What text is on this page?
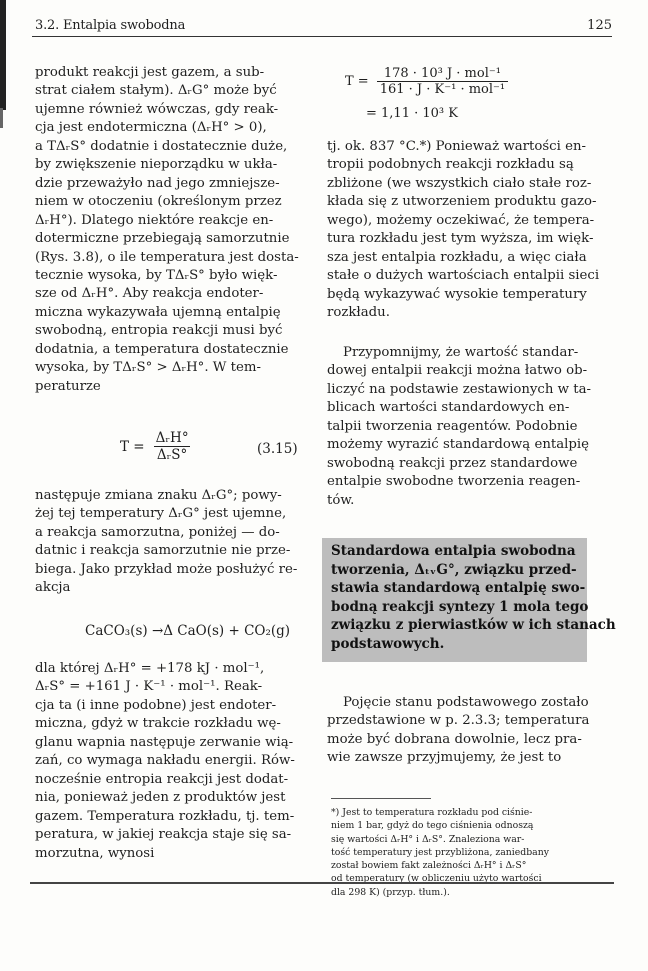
3.2. Entalpia swobodna	125

produkt reakcji jest gazem, a sub-
strat ciałem stałym). ΔᵣG° może być
ujemne również wówczas, gdy reak-
cja jest endotermiczna (ΔᵣH° > 0),
a TΔᵣS° dodatnie i dostatecznie duże,
by zwiększenie nieporządku w ukła-
dzie przeważyło nad jego zmniejsze-
niem w otoczeniu (określonym przez
ΔᵣH°). Dlatego niektóre reakcje en-
dotermiczne przebiegają samorzutnie
(Rys. 3.8), o ile temperatura jest dosta-
tecznie wysoka, by TΔᵣS° było więk-
sze od ΔᵣH°. Aby reakcja endoter-
miczna wykazywała ujemną entalpię
swobodną, entropia reakcji musi być
dodatnia, a temperatura dostatecznie
wysoka, by TΔᵣS° > ΔᵣH°. W tem-
peraturze

T =
ΔᵣH°
ΔᵣS°	(3.15)
następuje zmiana znaku ΔᵣG°; powy-
żej tej temperatury ΔᵣG° jest ujemne,
a reakcja samorzutna, poniżej — do-
datnic i reakcja samorzutnie nie prze-
biega. Jako przykład może posłużyć re-
akcja
CaCO₃(s) →Δ CaO(s) + CO₂(g)
dla której ΔᵣH° = +178 kJ · mol⁻¹,
ΔᵣS° = +161 J · K⁻¹ · mol⁻¹. Reak-
cja ta (i inne podobne) jest endoter-
miczna, gdyż w trakcie rozkładu wę-
glanu wapnia następuje zerwanie wią-
zań, co wymaga nakładu energii. Rów-
nocześnie entropia reakcji jest dodat-
nia, ponieważ jeden z produktów jest
gazem. Temperatura rozkładu, tj. tem-
peratura, w jakiej reakcja staje się sa-
morzutna, wynosi
T =
178 · 10³ J · mol⁻¹
161 · J · K⁻¹ · mol⁻¹
= 1,11 · 10³ K
tj. ok. 837 °C.*) Ponieważ wartości en-
tropii podobnych reakcji rozkładu są
zbliżone (we wszystkich ciało stałe roz-
kłada się z utworzeniem produktu gazo-
wego), możemy oczekiwać, że tempera-
tura rozkładu jest tym wyższa, im więk-
sza jest entalpia rozkładu, a więc ciała
stałe o dużych wartościach entalpii sieci
będą wykazywać wysokie temperatury
rozkładu.
Przypomnijmy, że wartość standar-
dowej entalpii reakcji można łatwo ob-
liczyć na podstawie zestawionych w ta-
blicach wartości standardowych en-
talpii tworzenia reagentów. Podobnie
możemy wyrazić standardową entalpię
swobodną reakcji przez standardowe
entalpie swobodne tworzenia reagen-
tów.
Standardowa entalpia swobodna
tworzenia, ΔₜᵥG°, związku przed-
stawia standardową entalpię swo-
bodną reakcji syntezy 1 mola tego
związku z pierwiastków w ich stanach
podstawowych.
Pojęcie stanu podstawowego zostało
przedstawione w p. 2.3.3; temperatura
może być dobrana dowolnie, lecz pra-
wie zawsze przyjmujemy, że jest to
*) Jest to temperatura rozkładu pod ciśnie-
niem 1 bar, gdyż do tego ciśnienia odnoszą
się wartości ΔᵣH° i ΔᵣS°. Znaleziona war-
tość temperatury jest przybliżona, zaniedbany
został bowiem fakt zależności ΔᵣH° i ΔᵣS°
od temperatury (w obliczeniu użyto wartości
dla 298 K) (przyp. tłum.).
